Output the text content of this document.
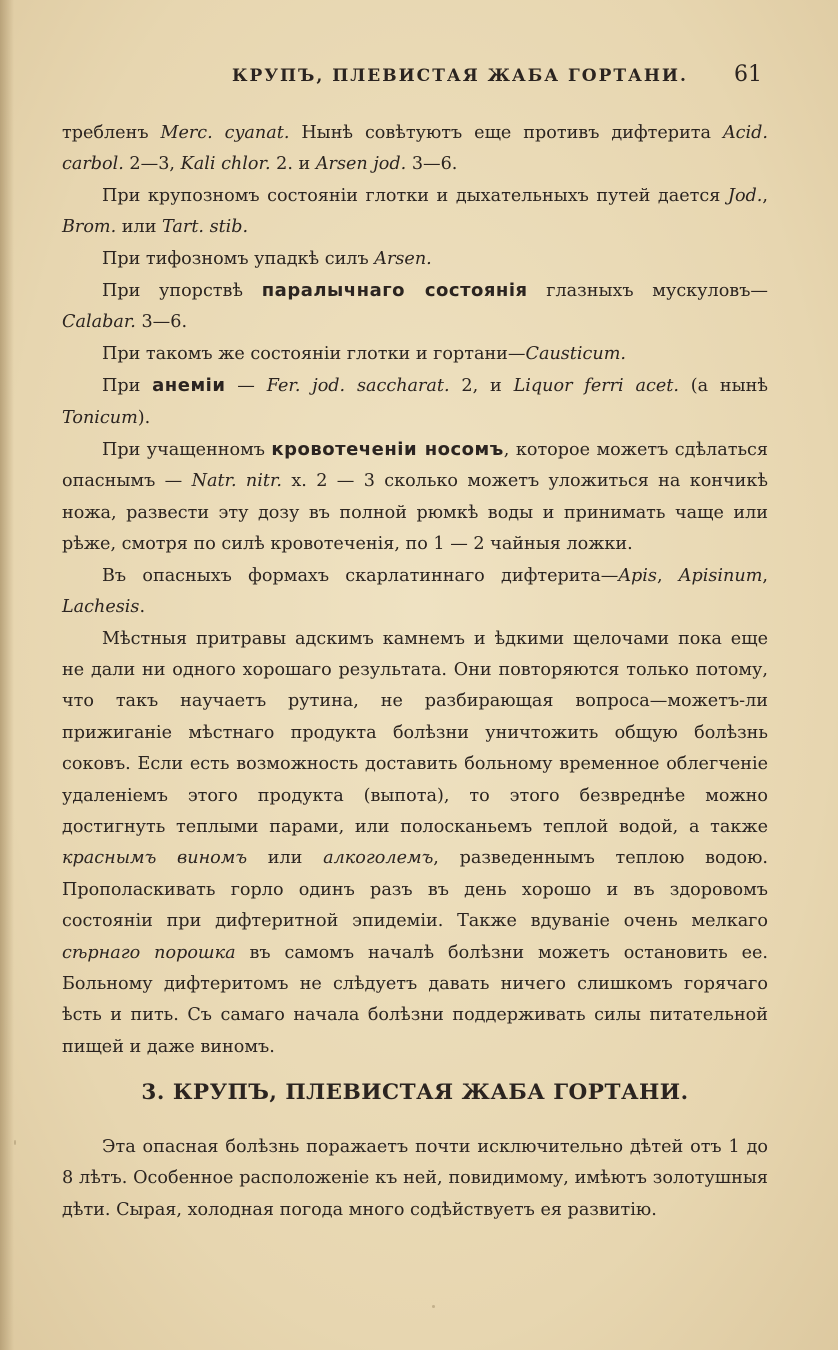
КРУПЪ, ПЛЕВИСТАЯ ЖАБА ГОРТАНИ. 61

требленъ Merc. cyanat. Нынѣ совѣтуютъ еще противъ дифтерита Acid. carbol. 2—3, Kali chlor. 2. и Arsen jod. 3—6.

При крупозномъ состояніи глотки и дыхательныхъ путей дается Jod., Brom. или Tart. stib.

При тифозномъ упадкѣ силъ Arsen.

При упорствѣ паралычнаго состоянія глазныхъ мускуловъ—Calabar. 3—6.

При такомъ же состояніи глотки и гортани—Causticum.

При анеміи — Fer. jod. saccharat. 2, и Liquor ferri acet. (а нынѣ Tonicum).

При учащенномъ кровотеченіи носомъ, которое можетъ сдѣлаться опаснымъ — Natr. nitr. x. 2 — 3 сколько можетъ уложиться на кончикѣ ножа, развести эту дозу въ полной рюмкѣ воды и принимать чаще или рѣже, смотря по силѣ кровотеченія, по 1 — 2 чайныя ложки.

Въ опасныхъ формахъ скарлатиннаго дифтерита—Apis, Apisinum, Lachesis.

Мѣстныя притравы адскимъ камнемъ и ѣдкими щелочами пока еще не дали ни одного хорошаго результата. Они повторяются только потому, что такъ научаетъ рутина, не разбирающая вопроса—можетъ-ли прижиганіе мѣстнаго продукта болѣзни уничтожить общую болѣзнь соковъ. Если есть возможность доставить больному временное облегченіе удаленіемъ этого продукта (выпота), то этого безвреднѣе можно достигнуть теплыми парами, или полосканьемъ теплой водой, а также краснымъ виномъ или алкоголемъ, разведеннымъ теплою водою. Прополаскивать горло одинъ разъ въ день хорошо и въ здоровомъ состояніи при дифтеритной эпидеміи. Также вдуваніе очень мелкаго сѣрнаго порошка въ самомъ началѣ болѣзни можетъ остановить ее. Больному дифтеритомъ не слѣдуетъ давать ничего слишкомъ горячаго ѣсть и пить. Съ самаго начала болѣзни поддерживать силы питательной пищей и даже виномъ.

3. КРУПЪ, ПЛЕВИСТАЯ ЖАБА ГОРТАНИ.

Эта опасная болѣзнь поражаетъ почти исключительно дѣтей отъ 1 до 8 лѣтъ. Особенное расположеніе къ ней, повидимому, имѣютъ золотушныя дѣти. Сырая, холодная погода много содѣйствуетъ ея развитію.
